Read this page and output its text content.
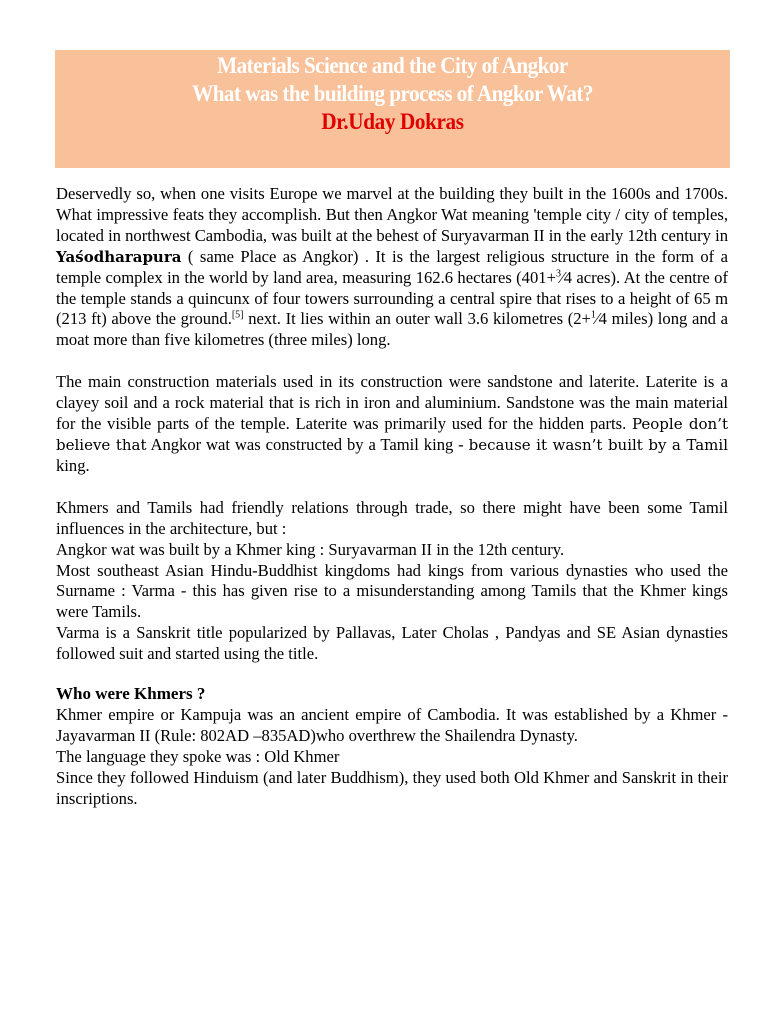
Materials Science and the City of Angkor
What was the building process of Angkor Wat?
Dr.Uday Dokras

Deservedly so, when one visits Europe we marvel at the building they built in the 1600s and 1700s. What impressive feats they accomplish. But then Angkor Wat meaning 'temple city / city of temples, located in northwest Cambodia, was built at the behest of Suryavarman II in the early 12th century in Yaśodharapura ( same Place as Angkor) . It is the largest religious structure in the form of a temple complex in the world by land area, measuring 162.6 hectares (401+$^3$⁄4 acres). At the centre of the temple stands a quincunx of four towers surrounding a central spire that rises to a height of 65 m (213 ft) above the ground.[5] next. It lies within an outer wall 3.6 kilometres (2+$^1$⁄4 miles) long and a moat more than five kilometres (three miles) long.

The main construction materials used in its construction were sandstone and laterite. Laterite is a clayey soil and a rock material that is rich in iron and aluminium. Sandstone was the main material for the visible parts of the temple. Laterite was primarily used for the hidden parts. People don’t believe that Angkor wat was constructed by a Tamil king - because it wasn’t built by a Tamil king.

Khmers and Tamils had friendly relations through trade, so there might have been some Tamil influences in the architecture, but :

Angkor wat was built by a Khmer king : Suryavarman II in the 12th century.

Most southeast Asian Hindu-Buddhist kingdoms had kings from various dynasties who used the Surname : Varma - this has given rise to a misunderstanding among Tamils that the Khmer kings were Tamils.

Varma is a Sanskrit title popularized by Pallavas, Later Cholas , Pandyas and SE Asian dynasties followed suit and started using the title.

Who were Khmers ?

Khmer empire or Kampuja was an ancient empire of Cambodia. It was established by a Khmer - Jayavarman II (Rule: 802AD –835AD)who overthrew the Shailendra Dynasty.

The language they spoke was : Old Khmer

Since they followed Hinduism (and later Buddhism), they used both Old Khmer and Sanskrit in their inscriptions.
